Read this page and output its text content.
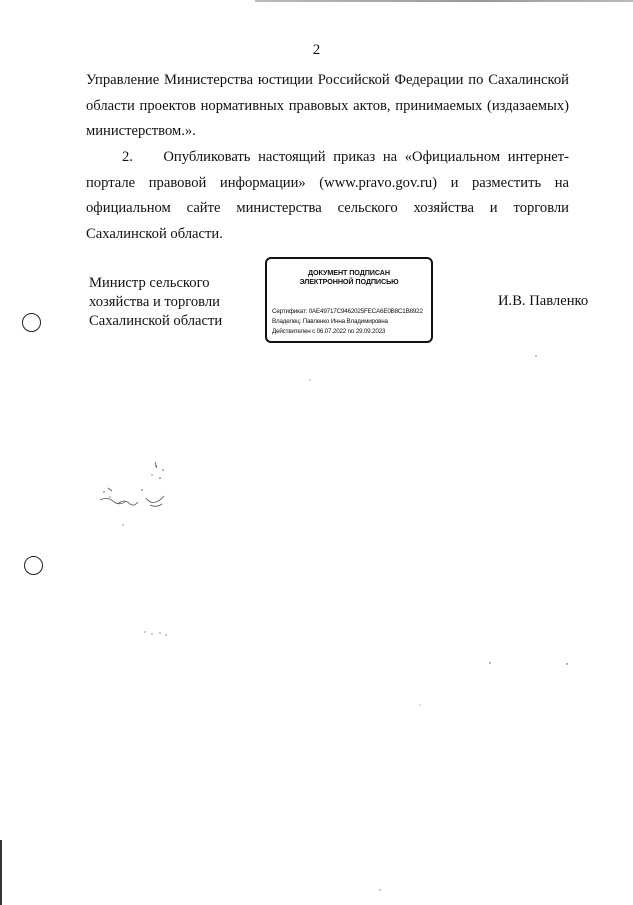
2

Управление Министерства юстиции Российской Федерации по Сахалинской области проектов нормативных правовых актов, принимаемых (издазаемых) министерством.».

2.    Опубликовать настоящий приказ на «Официальном интернет-портале правовой информации» (www.pravo.gov.ru) и разместить на официальном сайте министерства сельского хозяйства и торговли Сахалинской области.

Министр сельского
хозяйства и торговли
Сахалинской области
ДОКУМЕНТ ПОДПИСАН
ЭЛЕКТРОННОЙ ПОДПИСЬЮ
Сертификат: 0AE49717C9462025FECA6E0B8C1B8922
Владелец: Павленко Инна Владимировна
Действителен с 06.07.2022 по 29.09.2023
И.В. Павленко
